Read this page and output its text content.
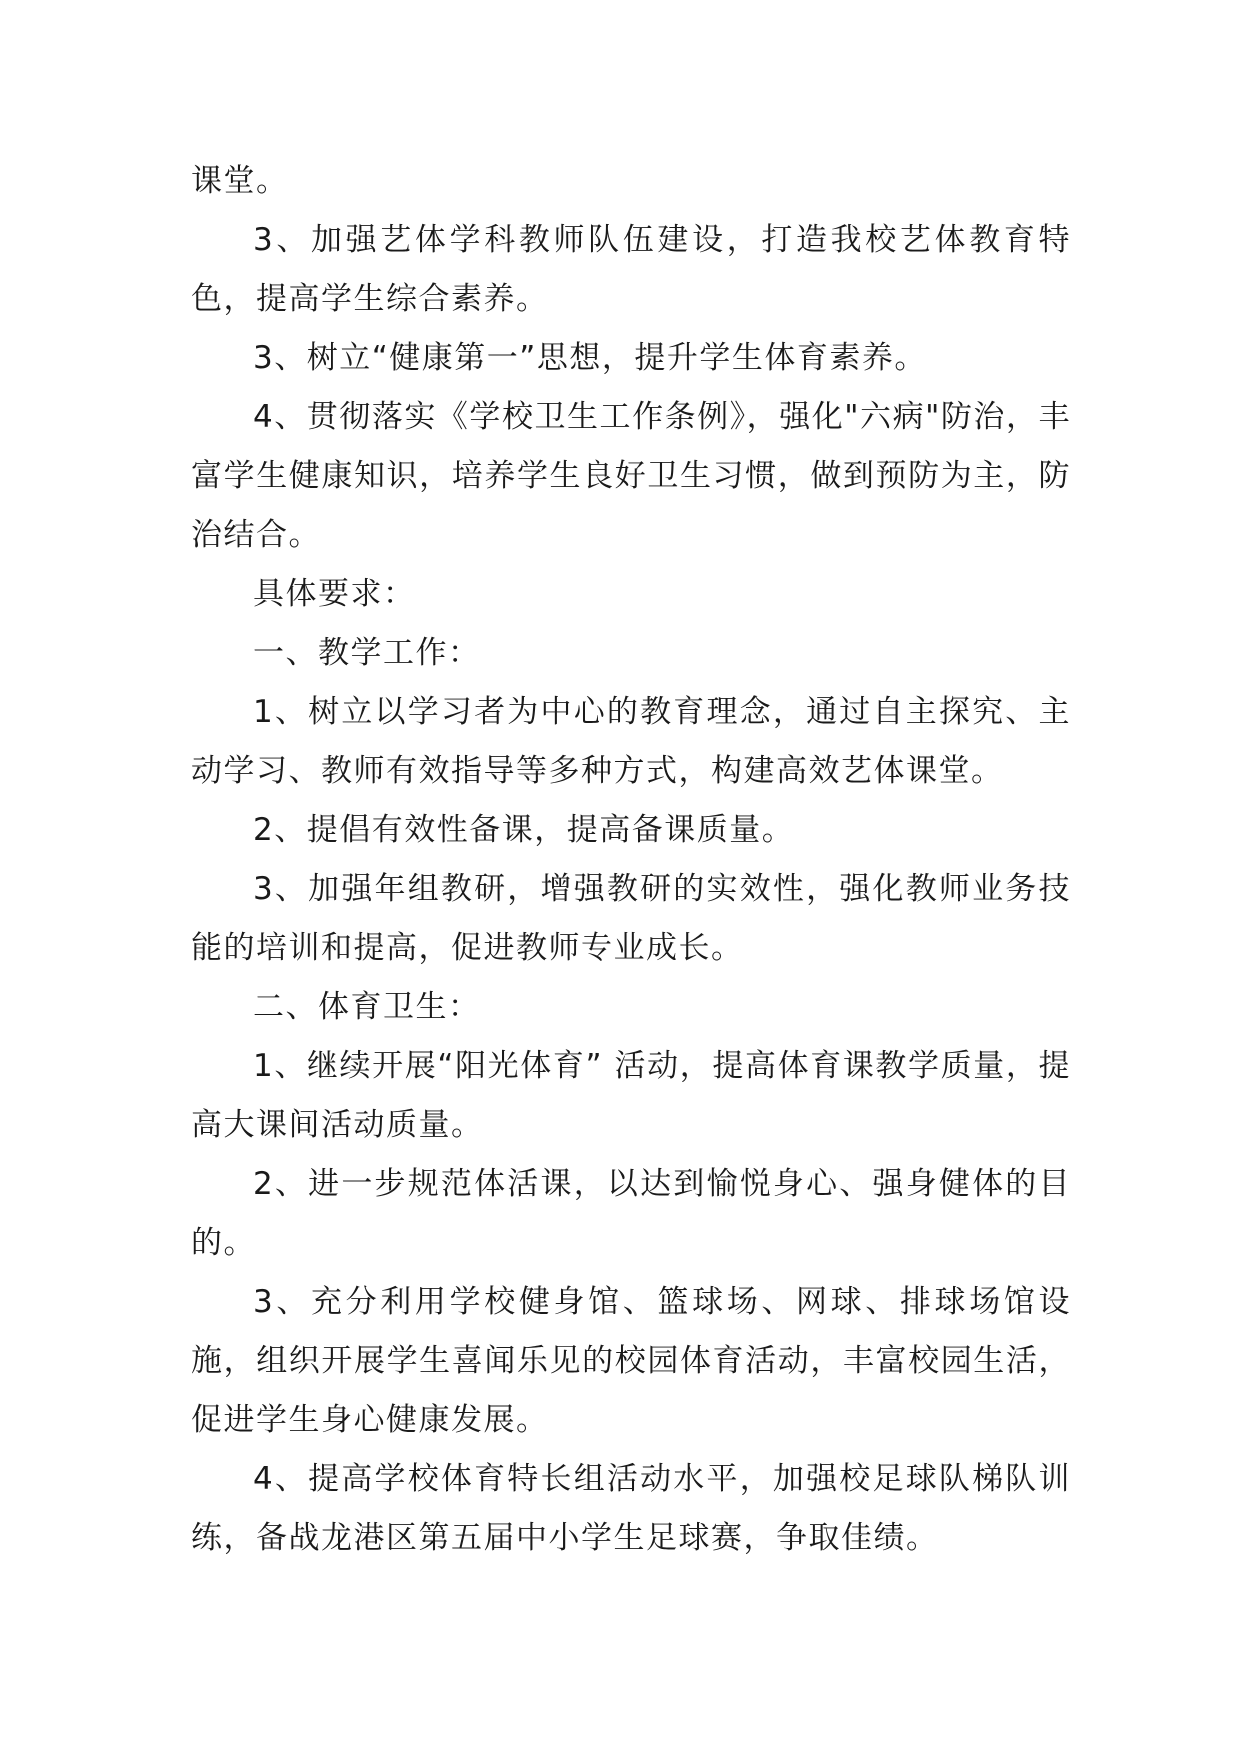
课堂。

3、加强艺体学科教师队伍建设，打造我校艺体教育特色，提高学生综合素养。

3、树立“健康第一”思想，提升学生体育素养。

4、贯彻落实《学校卫生工作条例》，强化"六病"防治，丰富学生健康知识，培养学生良好卫生习惯，做到预防为主，防治结合。

具体要求：

一、教学工作：

1、树立以学习者为中心的教育理念，通过自主探究、主动学习、教师有效指导等多种方式，构建高效艺体课堂。

2、提倡有效性备课，提高备课质量。

3、加强年组教研，增强教研的实效性，强化教师业务技能的培训和提高，促进教师专业成长。

二、体育卫生：

1、继续开展“阳光体育” 活动，提高体育课教学质量，提高大课间活动质量。

2、进一步规范体活课，以达到愉悦身心、强身健体的目的。

3、充分利用学校健身馆、篮球场、网球、排球场馆设施，组织开展学生喜闻乐见的校园体育活动，丰富校园生活，促进学生身心健康发展。

4、提高学校体育特长组活动水平，加强校足球队梯队训练，备战龙港区第五届中小学生足球赛，争取佳绩。
